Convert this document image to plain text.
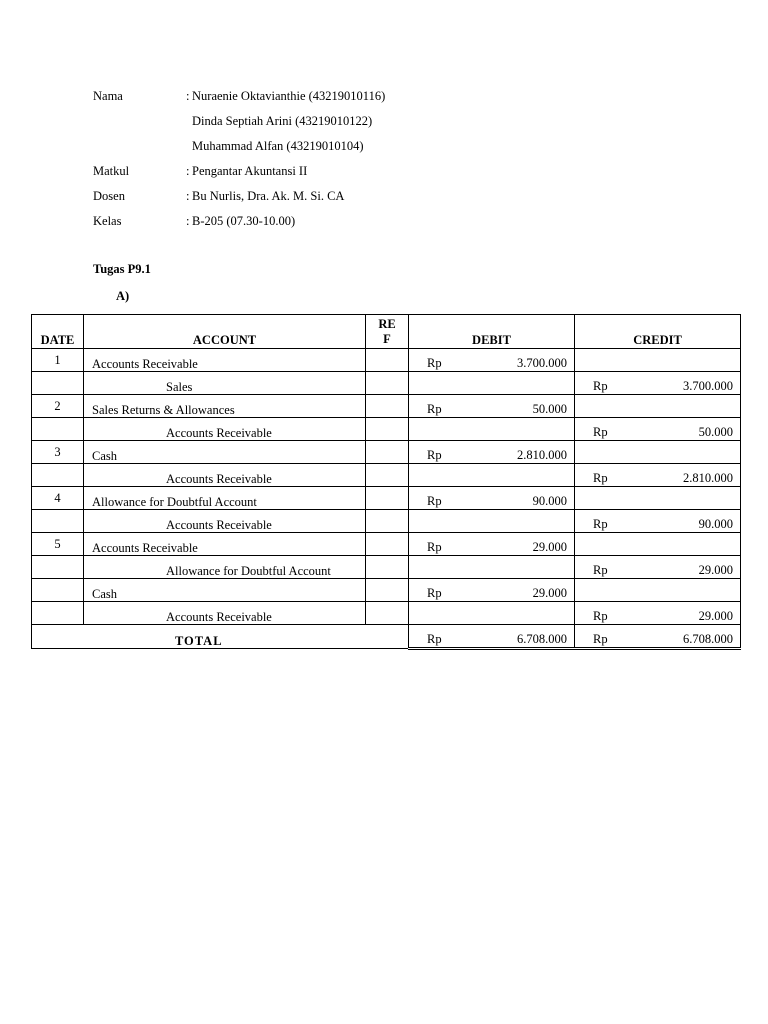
Nama	: Nuraenie Oktavianthie (43219010116)
Dinda Septiah Arini (43219010122)
Muhammad Alfan (43219010104)
Matkul	: Pengantar Akuntansi II
Dosen	: Bu Nurlis, Dra. Ak. M. Si. CA
Kelas	: B-205 (07.30-10.00)
Tugas P9.1
A)
DATE	ACCOUNT	RE F	DEBIT	CREDIT
1	Accounts Receivable		Rp 3.700.000	

	Sales			Rp 3.700.000

2	Sales Returns & Allowances		Rp 50.000	

	Accounts Receivable			Rp 50.000

3	Cash		Rp 2.810.000	

	Accounts Receivable			Rp 2.810.000

4	Allowance for Doubtful Account		Rp 90.000	

	Accounts Receivable			Rp 90.000

5	Accounts Receivable		Rp 29.000	

	Allowance for Doubtful Account			Rp 29.000

	Cash		Rp 29.000	

	Accounts Receivable			Rp 29.000

TOTAL			Rp 6.708.000	Rp 6.708.000
